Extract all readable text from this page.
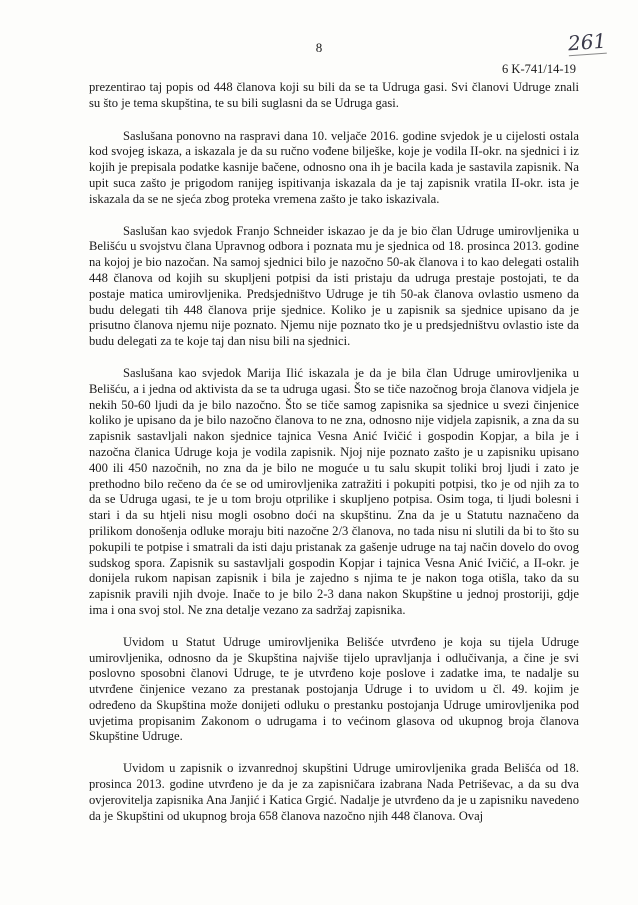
8	261
6 K-741/14-19

prezentirao taj popis od 448 članova koji su bili da se ta Udruga gasi. Svi članovi Udruge znali su što je tema skupština, te su bili suglasni da se Udruga gasi.

Saslušana ponovno na raspravi dana 10. veljače 2016. godine svjedok je u cijelosti ostala kod svojeg iskaza, a iskazala je da su ručno vođene bilješke, koje je vodila II-okr. na sjednici i iz kojih je prepisala podatke kasnije bačene, odnosno ona ih je bacila kada je sastavila zapisnik. Na upit suca zašto je prigodom ranijeg ispitivanja iskazala da je taj zapisnik vratila II-okr. ista je iskazala da se ne sjeća zbog proteka vremena zašto je tako iskazivala.

Saslušan kao svjedok Franjo Schneider iskazao je da je bio član Udruge umirovljenika u Belišću u svojstvu člana Upravnog odbora i poznata mu je sjednica od 18. prosinca 2013. godine na kojoj je bio nazočan. Na samoj sjednici bilo je nazočno 50-ak članova i to kao delegati ostalih 448 članova od kojih su skupljeni potpisi da isti pristaju da udruga prestaje postojati, te da postaje matica umirovljenika. Predsjedništvo Udruge je tih 50-ak članova ovlastio usmeno da budu delegati tih 448 članova prije sjednice. Koliko je u zapisnik sa sjednice upisano da je prisutno članova njemu nije poznato. Njemu nije poznato tko je u predsjedništvu ovlastio iste da budu delegati za te koje taj dan nisu bili na sjednici.

Saslušana kao svjedok Marija Ilić iskazala je da je bila član Udruge umirovljenika u Belišću, a i jedna od aktivista da se ta udruga ugasi. Što se tiče nazočnog broja članova vidjela je nekih 50-60 ljudi da je bilo nazočno. Što se tiče samog zapisnika sa sjednice u svezi činjenice koliko je upisano da je bilo nazočno članova to ne zna, odnosno nije vidjela zapisnik, a zna da su zapisnik sastavljali nakon sjednice tajnica Vesna Anić Ivičić i gospodin Kopjar, a bila je i nazočna članica Udruge koja je vodila zapisnik. Njoj nije poznato zašto je u zapisniku upisano 400 ili 450 nazočnih, no zna da je bilo ne moguće u tu salu skupit toliki broj ljudi i zato je prethodno bilo rečeno da će se od umirovljenika zatražiti i pokupiti potpisi, tko je od njih za to da se Udruga ugasi, te je u tom broju otprilike i skupljeno potpisa. Osim toga, ti ljudi bolesni i stari i da su htjeli nisu mogli osobno doći na skupštinu. Zna da je u Statutu naznačeno da prilikom donošenja odluke moraju biti nazočne 2/3 članova, no tada nisu ni slutili da bi to što su pokupili te potpise i smatrali da isti daju pristanak za gašenje udruge na taj način dovelo do ovog sudskog spora. Zapisnik su sastavljali gospodin Kopjar i tajnica Vesna Anić Ivičić, a II-okr. je donijela rukom napisan zapisnik i bila je zajedno s njima te je nakon toga otišla, tako da su zapisnik pravili njih dvoje. Inače to je bilo 2-3 dana nakon Skupštine u jednoj prostoriji, gdje ima i ona svoj stol. Ne zna detalje vezano za sadržaj zapisnika.

Uvidom u Statut Udruge umirovljenika Belišće utvrđeno je koja su tijela Udruge umirovljenika, odnosno da je Skupština najviše tijelo upravljanja i odlučivanja, a čine je svi poslovno sposobni članovi Udruge, te je utvrđeno koje poslove i zadatke ima, te nadalje su utvrđene činjenice vezano za prestanak postojanja Udruge i to uvidom u čl. 49. kojim je određeno da Skupština može donijeti odluku o prestanku postojanja Udruge umirovljenika pod uvjetima propisanim Zakonom o udrugama i to većinom glasova od ukupnog broja članova Skupštine Udruge.

Uvidom u zapisnik o izvanrednoj skupštini Udruge umirovljenika grada Belišća od 18. prosinca 2013. godine utvrđeno je da je za zapisničara izabrana Nada Petriševac, a da su dva ovjerovitelja zapisnika Ana Janjić i Katica Grgić. Nadalje je utvrđeno da je u zapisniku navedeno da je Skupštini od ukupnog broja 658 članova nazočno njih 448 članova. Ovaj
